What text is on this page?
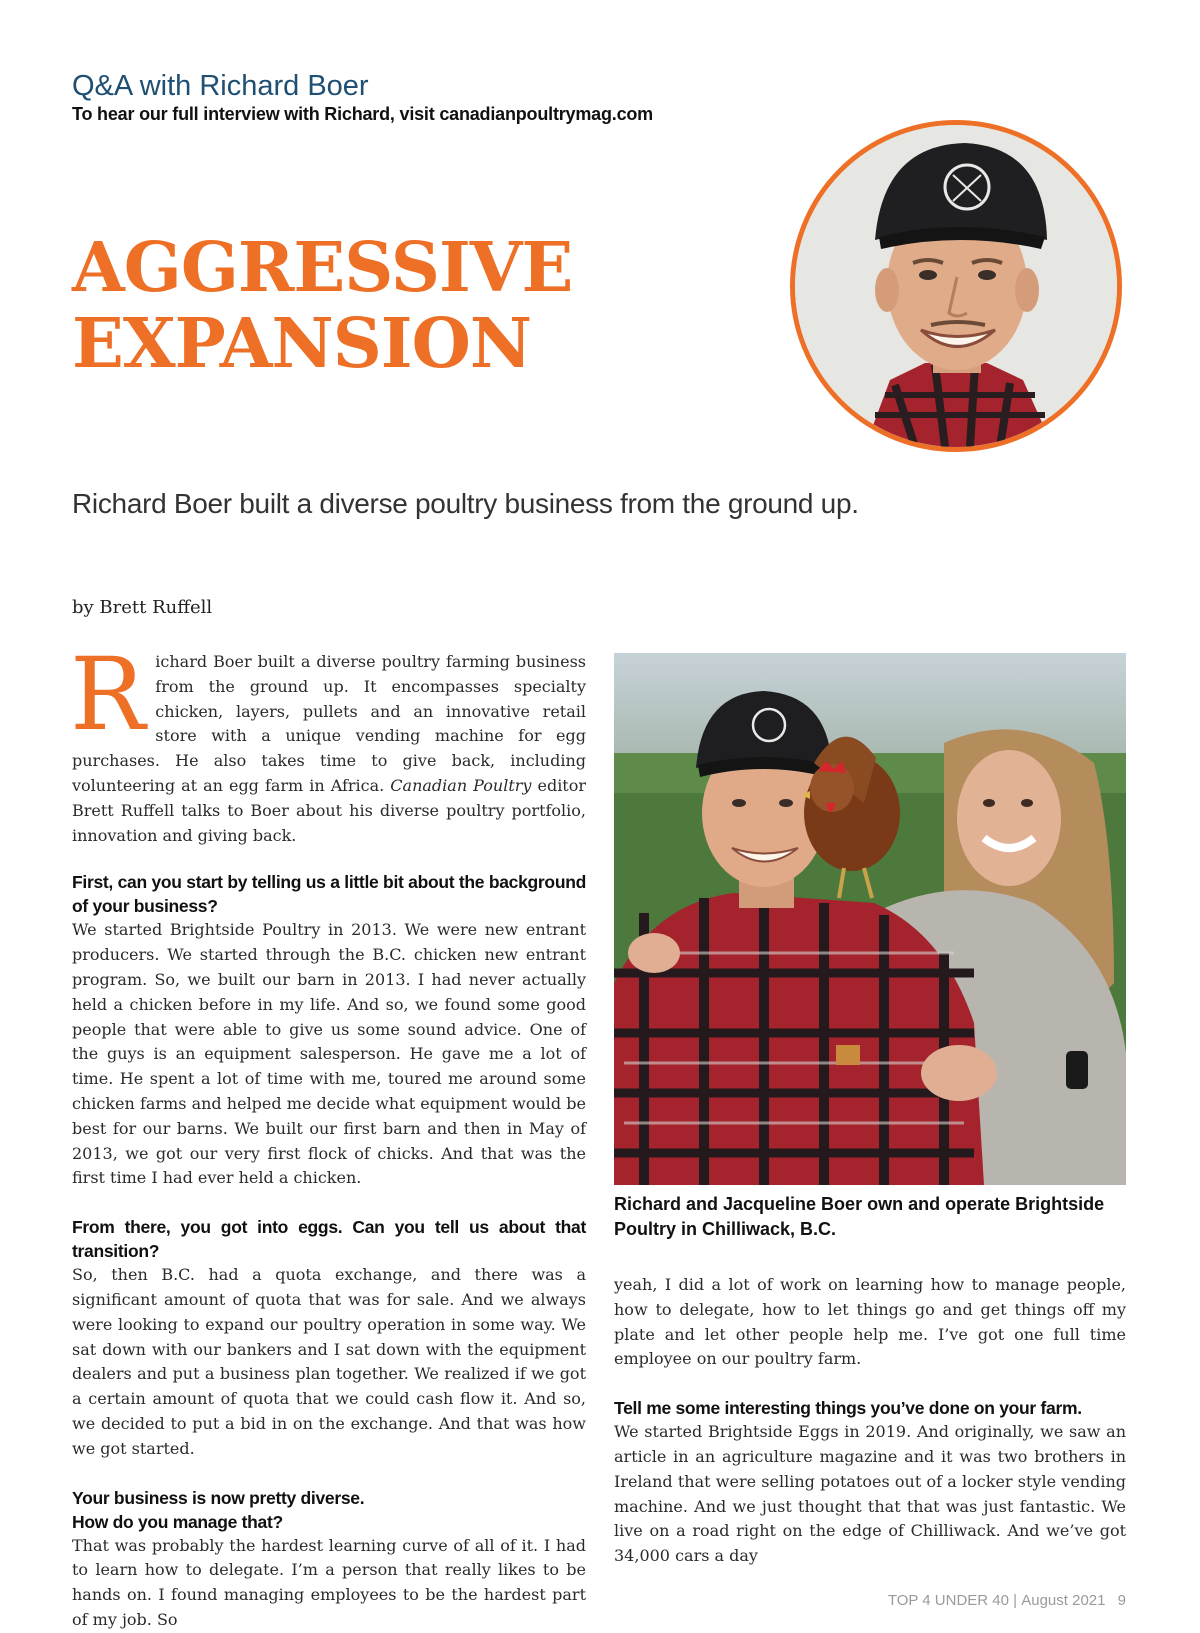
Q&A with Richard Boer
To hear our full interview with Richard, visit canadianpoultrymag.com
AGGRESSIVE
EXPANSION
Richard Boer built a diverse poultry business from the ground up.
by Brett Ruffell

Richard Boer built a diverse poultry farming business from the ground up. It encompasses specialty chicken, layers, pullets and an innovative retail store with a unique vending machine for egg purchases. He also takes time to give back, including volunteering at an egg farm in Africa. Canadian Poultry editor Brett Ruffell talks to Boer about his diverse poultry portfolio, innovation and giving back.

First, can you start by telling us a little bit about the background of your business?

We started Brightside Poultry in 2013. We were new entrant producers. We started through the B.C. chicken new entrant program. So, we built our barn in 2013. I had never actually held a chicken before in my life. And so, we found some good people that were able to give us some sound advice. One of the guys is an equipment salesperson. He gave me a lot of time. He spent a lot of time with me, toured me around some chicken farms and helped me decide what equipment would be best for our barns. We built our first barn and then in May of 2013, we got our very first flock of chicks. And that was the first time I had ever held a chicken.

From there, you got into eggs. Can you tell us about that transition?

So, then B.C. had a quota exchange, and there was a significant amount of quota that was for sale. And we always were looking to expand our poultry operation in some way. We sat down with our bankers and I sat down with the equipment dealers and put a business plan together. We realized if we got a certain amount of quota that we could cash flow it. And so, we decided to put a bid in on the exchange. And that was how we got started.

Your business is now pretty diverse.
How do you manage that?

That was probably the hardest learning curve of all of it. I had to learn how to delegate. I’m a person that really likes to be hands on. I found managing employees to be the hardest part of my job. So

Richard and Jacqueline Boer own and operate Brightside Poultry in Chilliwack, B.C.

yeah, I did a lot of work on learning how to manage people, how to delegate, how to let things go and get things off my plate and let other people help me. I’ve got one full time employee on our poultry farm.

Tell me some interesting things you’ve done on your farm.

We started Brightside Eggs in 2019. And originally, we saw an article in an agriculture magazine and it was two brothers in Ireland that were selling potatoes out of a locker style vending machine. And we just thought that that was just fantastic. We live on a road right on the edge of Chilliwack. And we’ve got 34,000 cars a day

TOP 4 UNDER 40 | August 2021 9
